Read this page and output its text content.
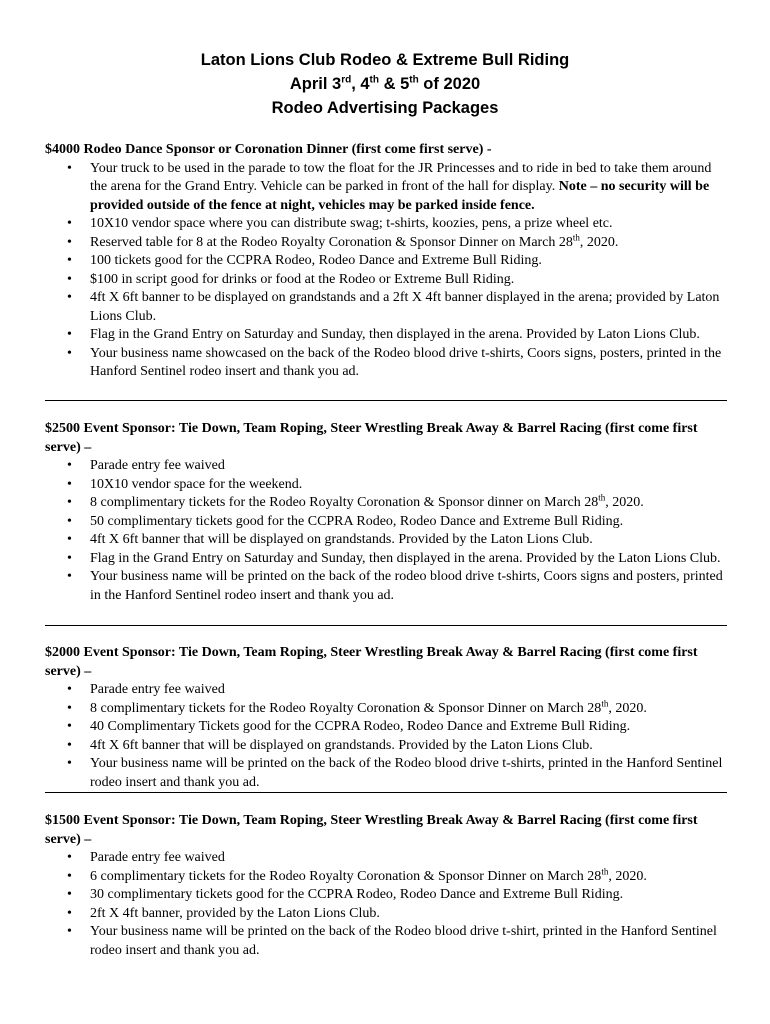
Laton Lions Club Rodeo & Extreme Bull Riding
April 3rd, 4th & 5th of 2020
Rodeo Advertising Packages
$4000 Rodeo Dance Sponsor or Coronation Dinner (first come first serve) -
• Your truck to be used in the parade to tow the float for the JR Princesses and to ride in bed to take them around the arena for the Grand Entry. Vehicle can be parked in front of the hall for display. Note – no security will be provided outside of the fence at night, vehicles may be parked inside fence.
• 10X10 vendor space where you can distribute swag; t-shirts, koozies, pens, a prize wheel etc.
• Reserved table for 8 at the Rodeo Royalty Coronation & Sponsor Dinner on March 28th, 2020.
• 100 tickets good for the CCPRA Rodeo, Rodeo Dance and Extreme Bull Riding.
• $100 in script good for drinks or food at the Rodeo or Extreme Bull Riding.
• 4ft X 6ft banner to be displayed on grandstands and a 2ft X 4ft banner displayed in the arena; provided by Laton Lions Club.
• Flag in the Grand Entry on Saturday and Sunday, then displayed in the arena. Provided by Laton Lions Club.
• Your business name showcased on the back of the Rodeo blood drive t-shirts, Coors signs, posters, printed in the Hanford Sentinel rodeo insert and thank you ad.
$2500 Event Sponsor: Tie Down, Team Roping, Steer Wrestling Break Away & Barrel Racing (first come first serve) –
• Parade entry fee waived
• 10X10 vendor space for the weekend.
• 8 complimentary tickets for the Rodeo Royalty Coronation & Sponsor dinner on March 28th, 2020.
• 50 complimentary tickets good for the CCPRA Rodeo, Rodeo Dance and Extreme Bull Riding.
• 4ft X 6ft banner that will be displayed on grandstands. Provided by the Laton Lions Club.
• Flag in the Grand Entry on Saturday and Sunday, then displayed in the arena. Provided by the Laton Lions Club.
• Your business name will be printed on the back of the rodeo blood drive t-shirts, Coors signs and posters, printed in the Hanford Sentinel rodeo insert and thank you ad.
$2000 Event Sponsor: Tie Down, Team Roping, Steer Wrestling Break Away & Barrel Racing (first come first serve) –
• Parade entry fee waived
• 8 complimentary tickets for the Rodeo Royalty Coronation & Sponsor Dinner on March 28th, 2020.
• 40 Complimentary Tickets good for the CCPRA Rodeo, Rodeo Dance and Extreme Bull Riding.
• 4ft X 6ft banner that will be displayed on grandstands. Provided by the Laton Lions Club.
• Your business name will be printed on the back of the Rodeo blood drive t-shirts, printed in the Hanford Sentinel rodeo insert and thank you ad.
$1500 Event Sponsor: Tie Down, Team Roping, Steer Wrestling Break Away & Barrel Racing (first come first serve) –
• Parade entry fee waived
• 6 complimentary tickets for the Rodeo Royalty Coronation & Sponsor Dinner on March 28th, 2020.
• 30 complimentary tickets good for the CCPRA Rodeo, Rodeo Dance and Extreme Bull Riding.
• 2ft X 4ft banner, provided by the Laton Lions Club.
• Your business name will be printed on the back of the Rodeo blood drive t-shirt, printed in the Hanford Sentinel rodeo insert and thank you ad.
